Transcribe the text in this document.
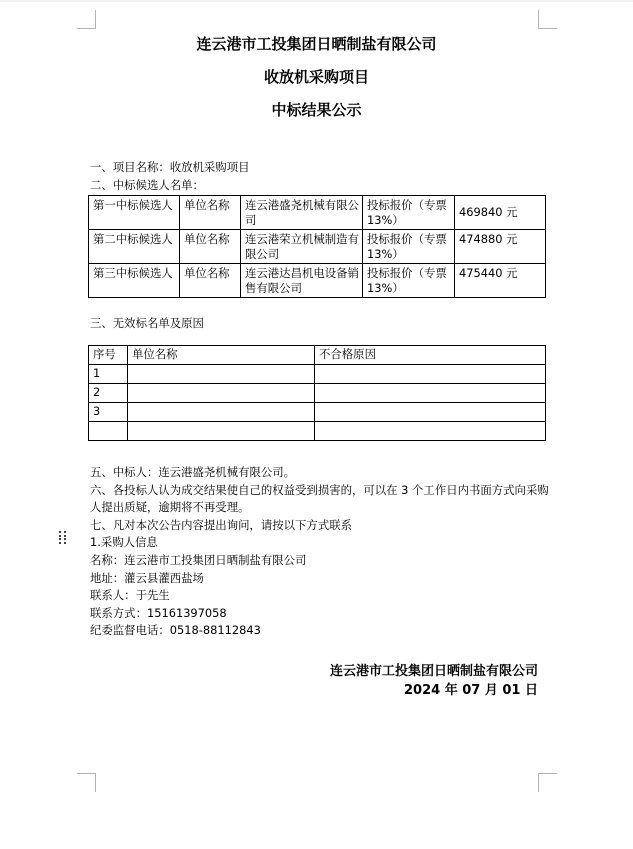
连云港市工投集团日晒制盐有限公司
收放机采购项目
中标结果公示

一、项目名称：收放机采购项目

二、中标候选人名单：

第一中标候选人	单位名称	连云港盛尧机械有限公司	投标报价（专票13%）	469840 元
第二中标候选人	单位名称	连云港荣立机械制造有限公司	投标报价（专票13%）	474880 元
第三中标候选人	单位名称	连云港达昌机电设备销售有限公司	投标报价（专票13%）	475440 元
三、无效标名单及原因
序号	单位名称	不合格原因
1		
2		
3		

五、中标人：连云港盛尧机械有限公司。

六、各投标人认为成交结果使自己的权益受到损害的，可以在 3 个工作日内书面方式向采购人提出质疑，逾期将不再受理。

七、凡对本次公告内容提出询问，请按以下方式联系

1.采购人信息

名称：连云港市工投集团日晒制盐有限公司

地址：灌云县灌西盐场

联系人：于先生

联系方式：15161397058

纪委监督电话：0518-88112843

连云港市工投集团日晒制盐有限公司
2024 年 07 月 01 日
